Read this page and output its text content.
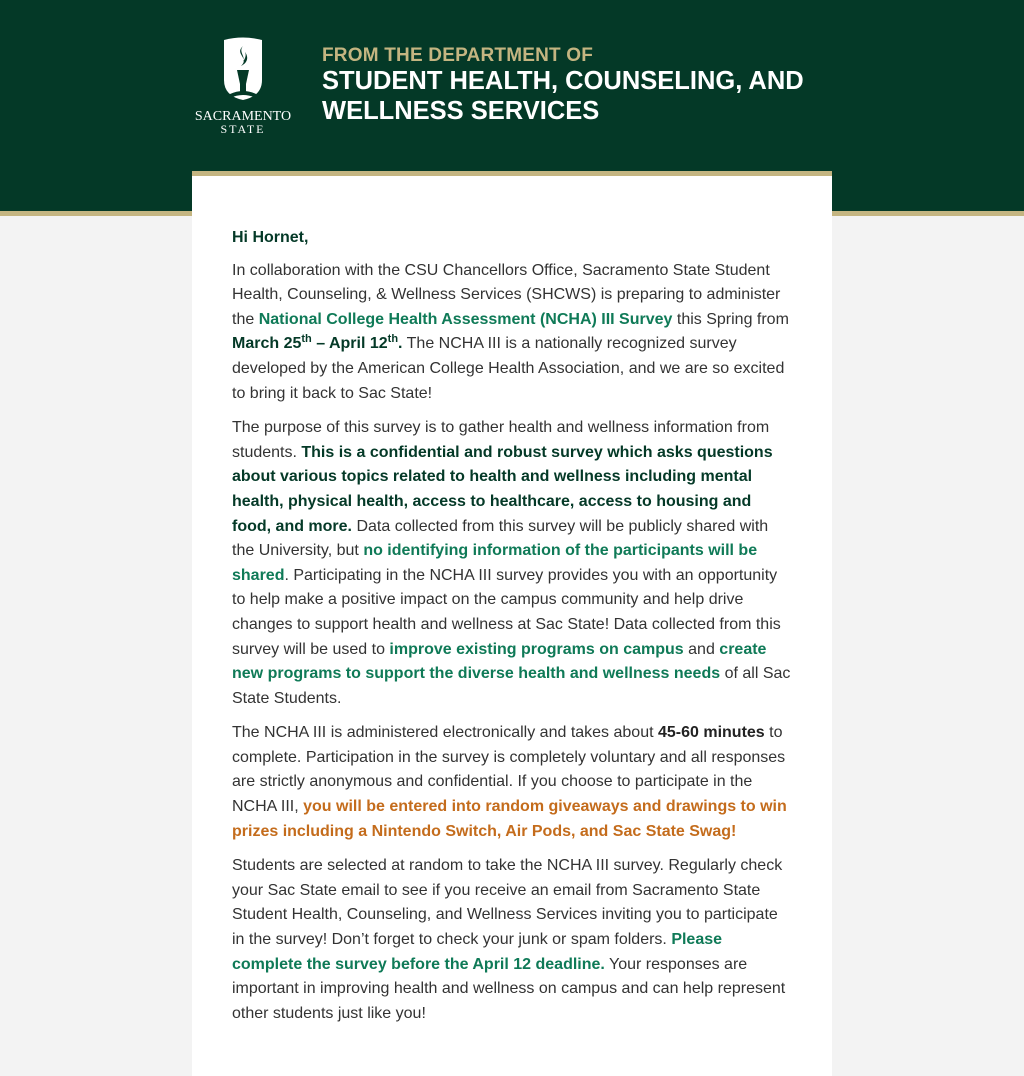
SACRAMENTO
STATE
FROM THE DEPARTMENT OF
STUDENT HEALTH, COUNSELING, AND
WELLNESS SERVICES

Hi Hornet,

In collaboration with the CSU Chancellors Office, Sacramento State Student Health, Counseling, & Wellness Services (SHCWS) is preparing to administer the National College Health Assessment (NCHA) III Survey this Spring from March 25th – April 12th. The NCHA III is a nationally recognized survey developed by the American College Health Association, and we are so excited to bring it back to Sac State!

The purpose of this survey is to gather health and wellness information from students. This is a confidential and robust survey which asks questions about various topics related to health and wellness including mental health, physical health, access to healthcare, access to housing and food, and more. Data collected from this survey will be publicly shared with the University, but no identifying information of the participants will be shared. Participating in the NCHA III survey provides you with an opportunity to help make a positive impact on the campus community and help drive changes to support health and wellness at Sac State! Data collected from this survey will be used to improve existing programs on campus and create new programs to support the diverse health and wellness needs of all Sac State Students.

The NCHA III is administered electronically and takes about 45-60 minutes to complete. Participation in the survey is completely voluntary and all responses are strictly anonymous and confidential. If you choose to participate in the NCHA III, you will be entered into random giveaways and drawings to win prizes including a Nintendo Switch, Air Pods, and Sac State Swag!

Students are selected at random to take the NCHA III survey. Regularly check your Sac State email to see if you receive an email from Sacramento State Student Health, Counseling, and Wellness Services inviting you to participate in the survey! Don’t forget to check your junk or spam folders. Please complete the survey before the April 12 deadline. Your responses are important in improving health and wellness on campus and can help represent other students just like you!
